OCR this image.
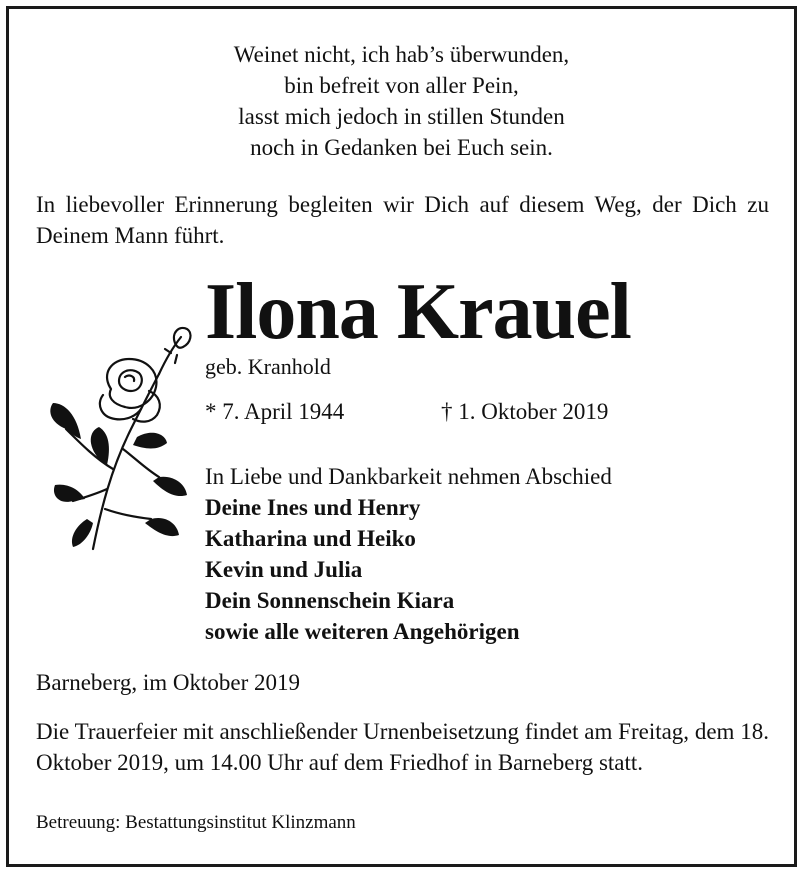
Weinet nicht, ich hab’s überwunden,
bin befreit von aller Pein,
lasst mich jedoch in stillen Stunden
noch in Gedanken bei Euch sein.
In liebevoller Erinnerung begleiten wir Dich auf diesem Weg, der Dich zu Deinem Mann führt.
Ilona Krauel
geb. Kranhold
* 7. April 1944	† 1. Oktober 2019
In Liebe und Dankbarkeit nehmen Abschied
Deine Ines und Henry
Katharina und Heiko
Kevin und Julia
Dein Sonnenschein Kiara
sowie alle weiteren Angehörigen
Barneberg, im Oktober 2019
Die Trauerfeier mit anschließender Urnenbeisetzung findet am Freitag, dem 18. Oktober 2019, um 14.00 Uhr auf dem Friedhof in Barneberg statt.
Betreuung: Bestattungsinstitut Klinzmann
